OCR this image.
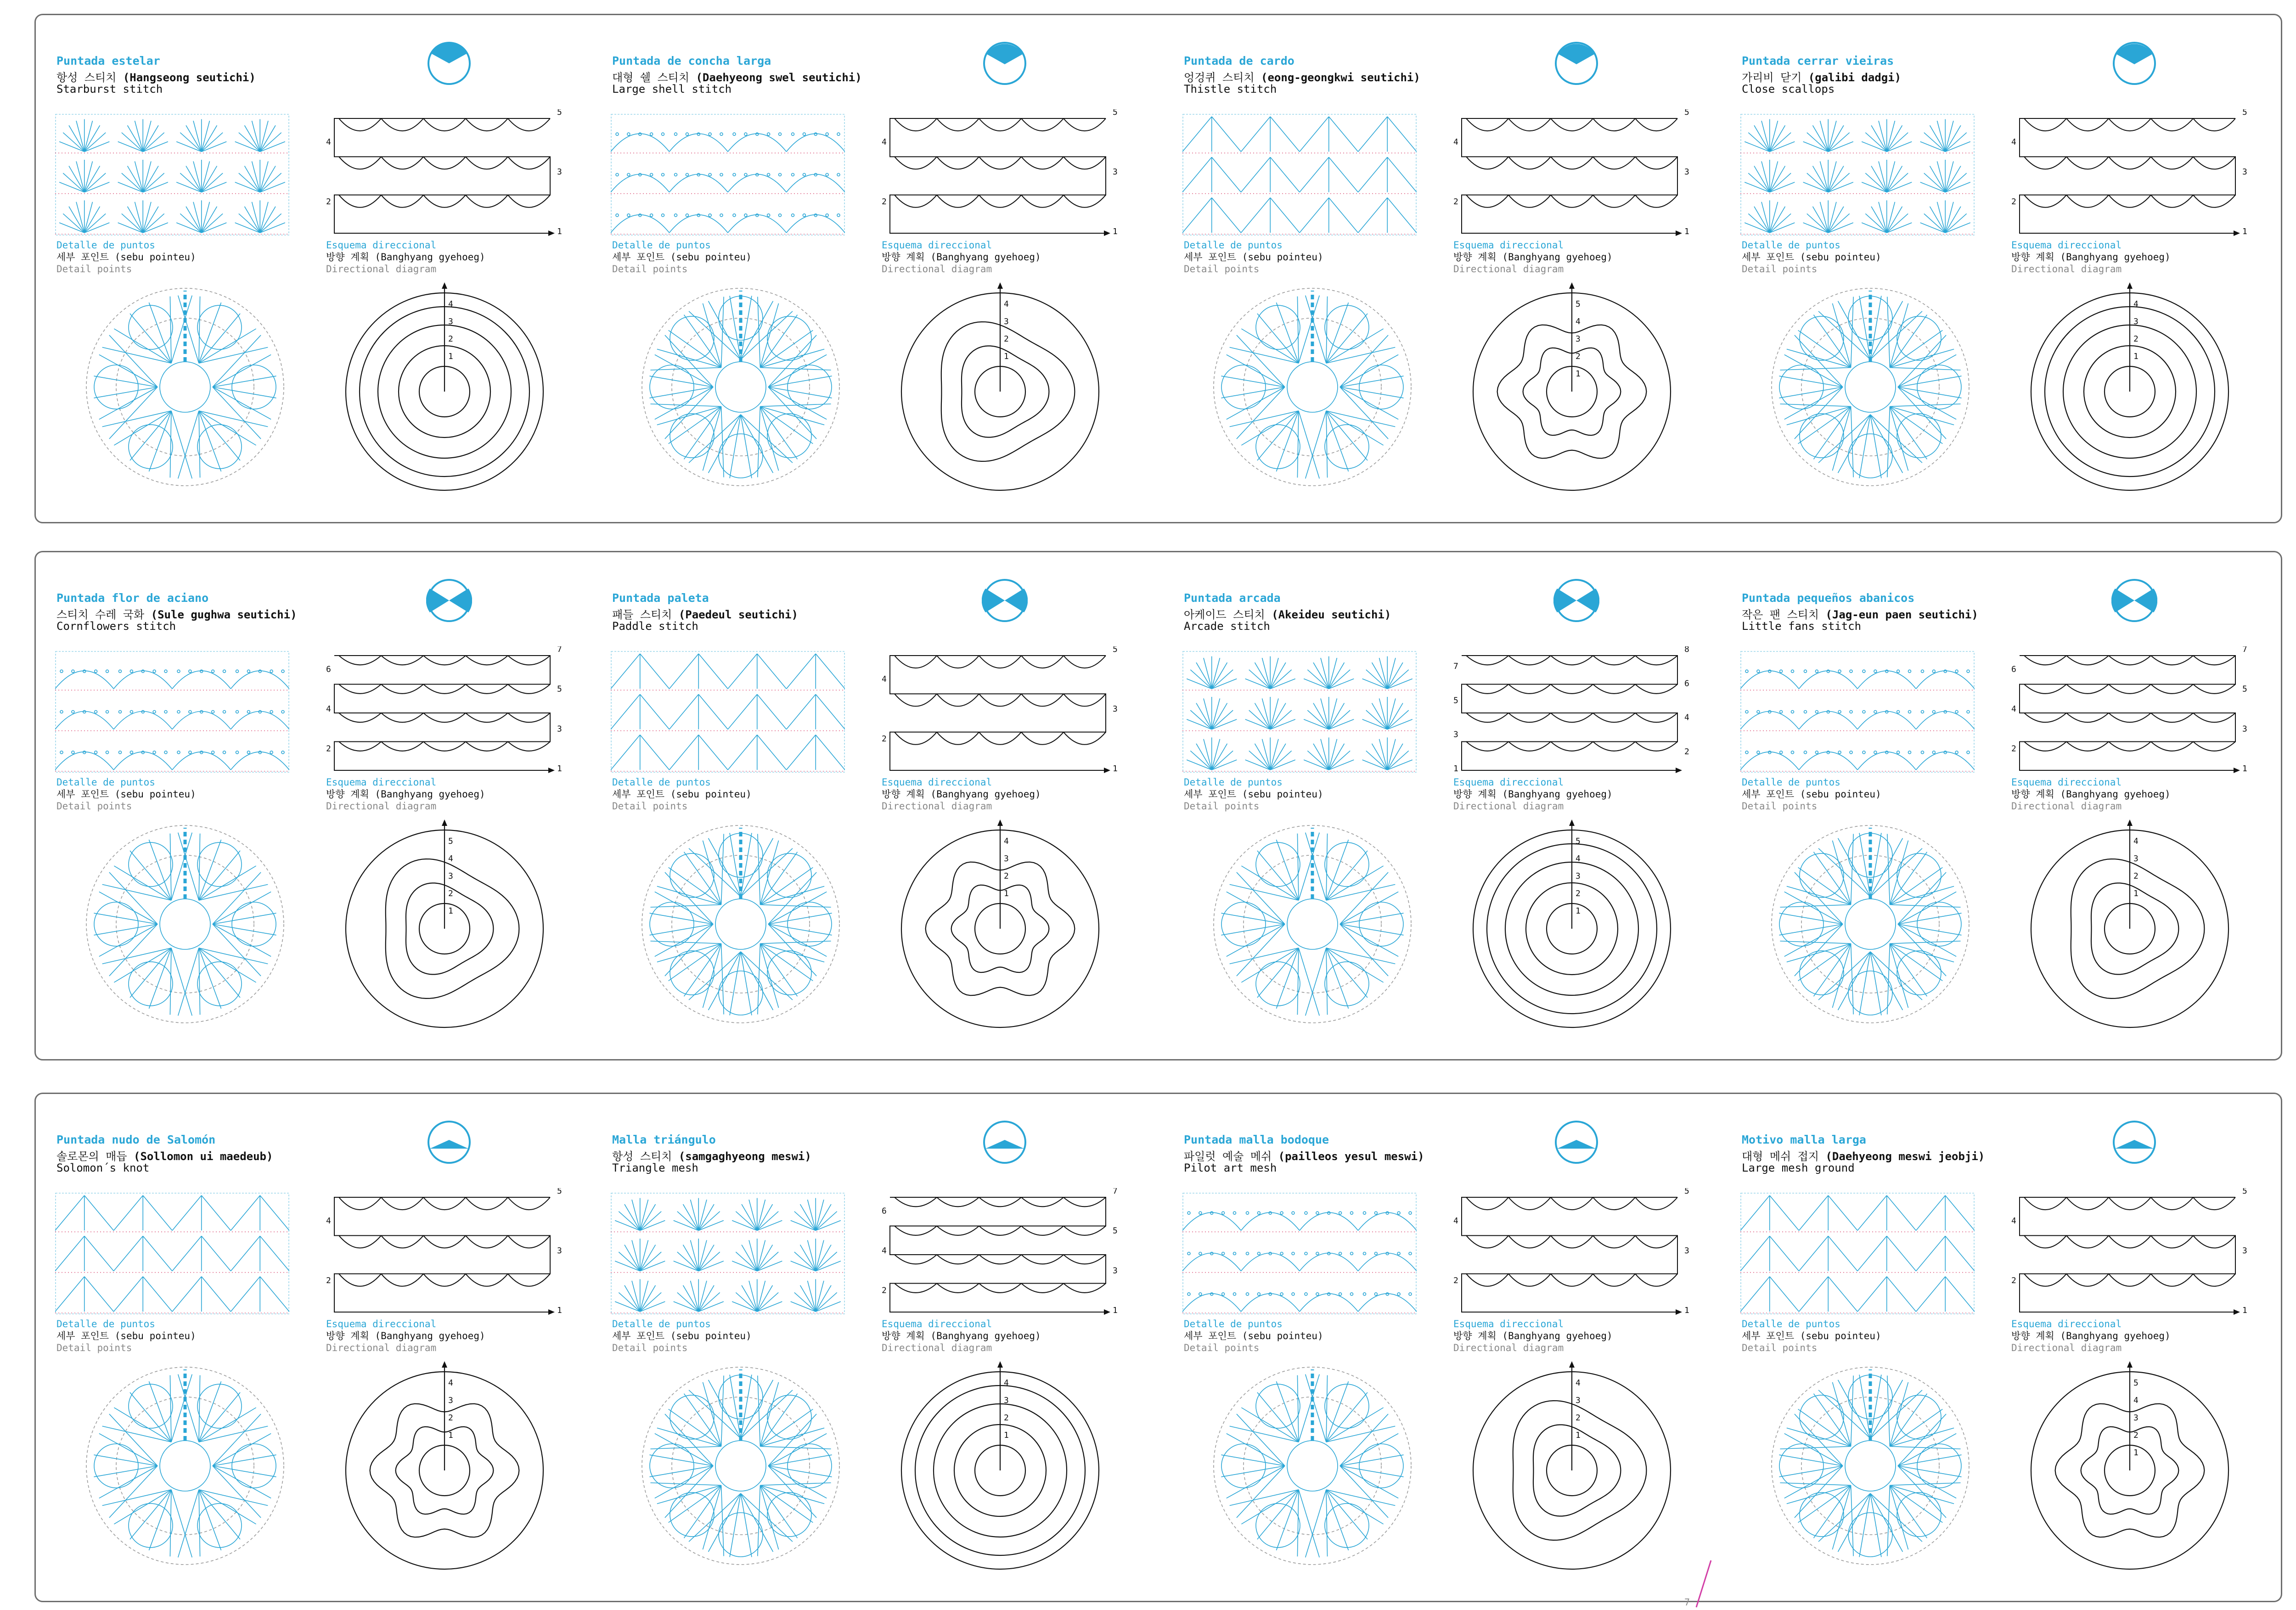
Puntada estelar
항성 스티치 (Hangseong seutichi)
Starburst stitch
5
4
3
2
1
Detalle de puntos
세부 포인트 (sebu pointeu)
Detail points
Esquema direccional
방향 계획 (Banghyang gyehoeg)
Directional diagram
4
3
2
1
Puntada de concha larga
대형 쉘 스티치 (Daehyeong swel seutichi)
Large shell stitch
5
4
3
2
1
Detalle de puntos
세부 포인트 (sebu pointeu)
Detail points
Esquema direccional
방향 계획 (Banghyang gyehoeg)
Directional diagram
4
3
2
1
Puntada de cardo
엉겅퀴 스티치 (eong-geongkwi seutichi)
Thistle stitch
5
4
3
2
1
Detalle de puntos
세부 포인트 (sebu pointeu)
Detail points
Esquema direccional
방향 계획 (Banghyang gyehoeg)
Directional diagram
5
4
3
2
1
Puntada cerrar vieiras
가리비 닫기 (galibi dadgi)
Close scallops
5
4
3
2
1
Detalle de puntos
세부 포인트 (sebu pointeu)
Detail points
Esquema direccional
방향 계획 (Banghyang gyehoeg)
Directional diagram
4
3
2
1
Puntada flor de aciano
스티치 수레 국화 (Sule gughwa seutichi)
Cornflowers stitch
7
6
5
4
3
2
1
Detalle de puntos
세부 포인트 (sebu pointeu)
Detail points
Esquema direccional
방향 계획 (Banghyang gyehoeg)
Directional diagram
5
4
3
2
1
Puntada paleta
패들 스티치 (Paedeul seutichi)
Paddle stitch
5
4
3
2
1
Detalle de puntos
세부 포인트 (sebu pointeu)
Detail points
Esquema direccional
방향 계획 (Banghyang gyehoeg)
Directional diagram
4
3
2
1
Puntada arcada
아케이드 스티치 (Akeideu seutichi)
Arcade stitch
8
7
6
5
4
3
2
1
Detalle de puntos
세부 포인트 (sebu pointeu)
Detail points
Esquema direccional
방향 계획 (Banghyang gyehoeg)
Directional diagram
5
4
3
2
1
Puntada pequeños abanicos
작은 팬 스티치 (Jag-eun paen seutichi)
Little fans stitch
7
6
5
4
3
2
1
Detalle de puntos
세부 포인트 (sebu pointeu)
Detail points
Esquema direccional
방향 계획 (Banghyang gyehoeg)
Directional diagram
4
3
2
1
Puntada nudo de Salomón
솔로몬의 매듭 (Sollomon ui maedeub)
Solomon´s knot
5
4
3
2
1
Detalle de puntos
세부 포인트 (sebu pointeu)
Detail points
Esquema direccional
방향 계획 (Banghyang gyehoeg)
Directional diagram
4
3
2
1
Malla triángulo
항성 스티치 (samgaghyeong meswi)
Triangle mesh
7
6
5
4
3
2
1
Detalle de puntos
세부 포인트 (sebu pointeu)
Detail points
Esquema direccional
방향 계획 (Banghyang gyehoeg)
Directional diagram
4
3
2
1
Puntada malla bodoque
파일럿 예술 메쉬 (pailleos yesul meswi)
Pilot art mesh
5
4
3
2
1
Detalle de puntos
세부 포인트 (sebu pointeu)
Detail points
Esquema direccional
방향 계획 (Banghyang gyehoeg)
Directional diagram
4
3
2
1
Motivo malla larga
대형 메쉬 접지 (Daehyeong meswi jeobji)
Large mesh ground
5
4
3
2
1
Detalle de puntos
세부 포인트 (sebu pointeu)
Detail points
Esquema direccional
방향 계획 (Banghyang gyehoeg)
Directional diagram
5
4
3
2
1
7
